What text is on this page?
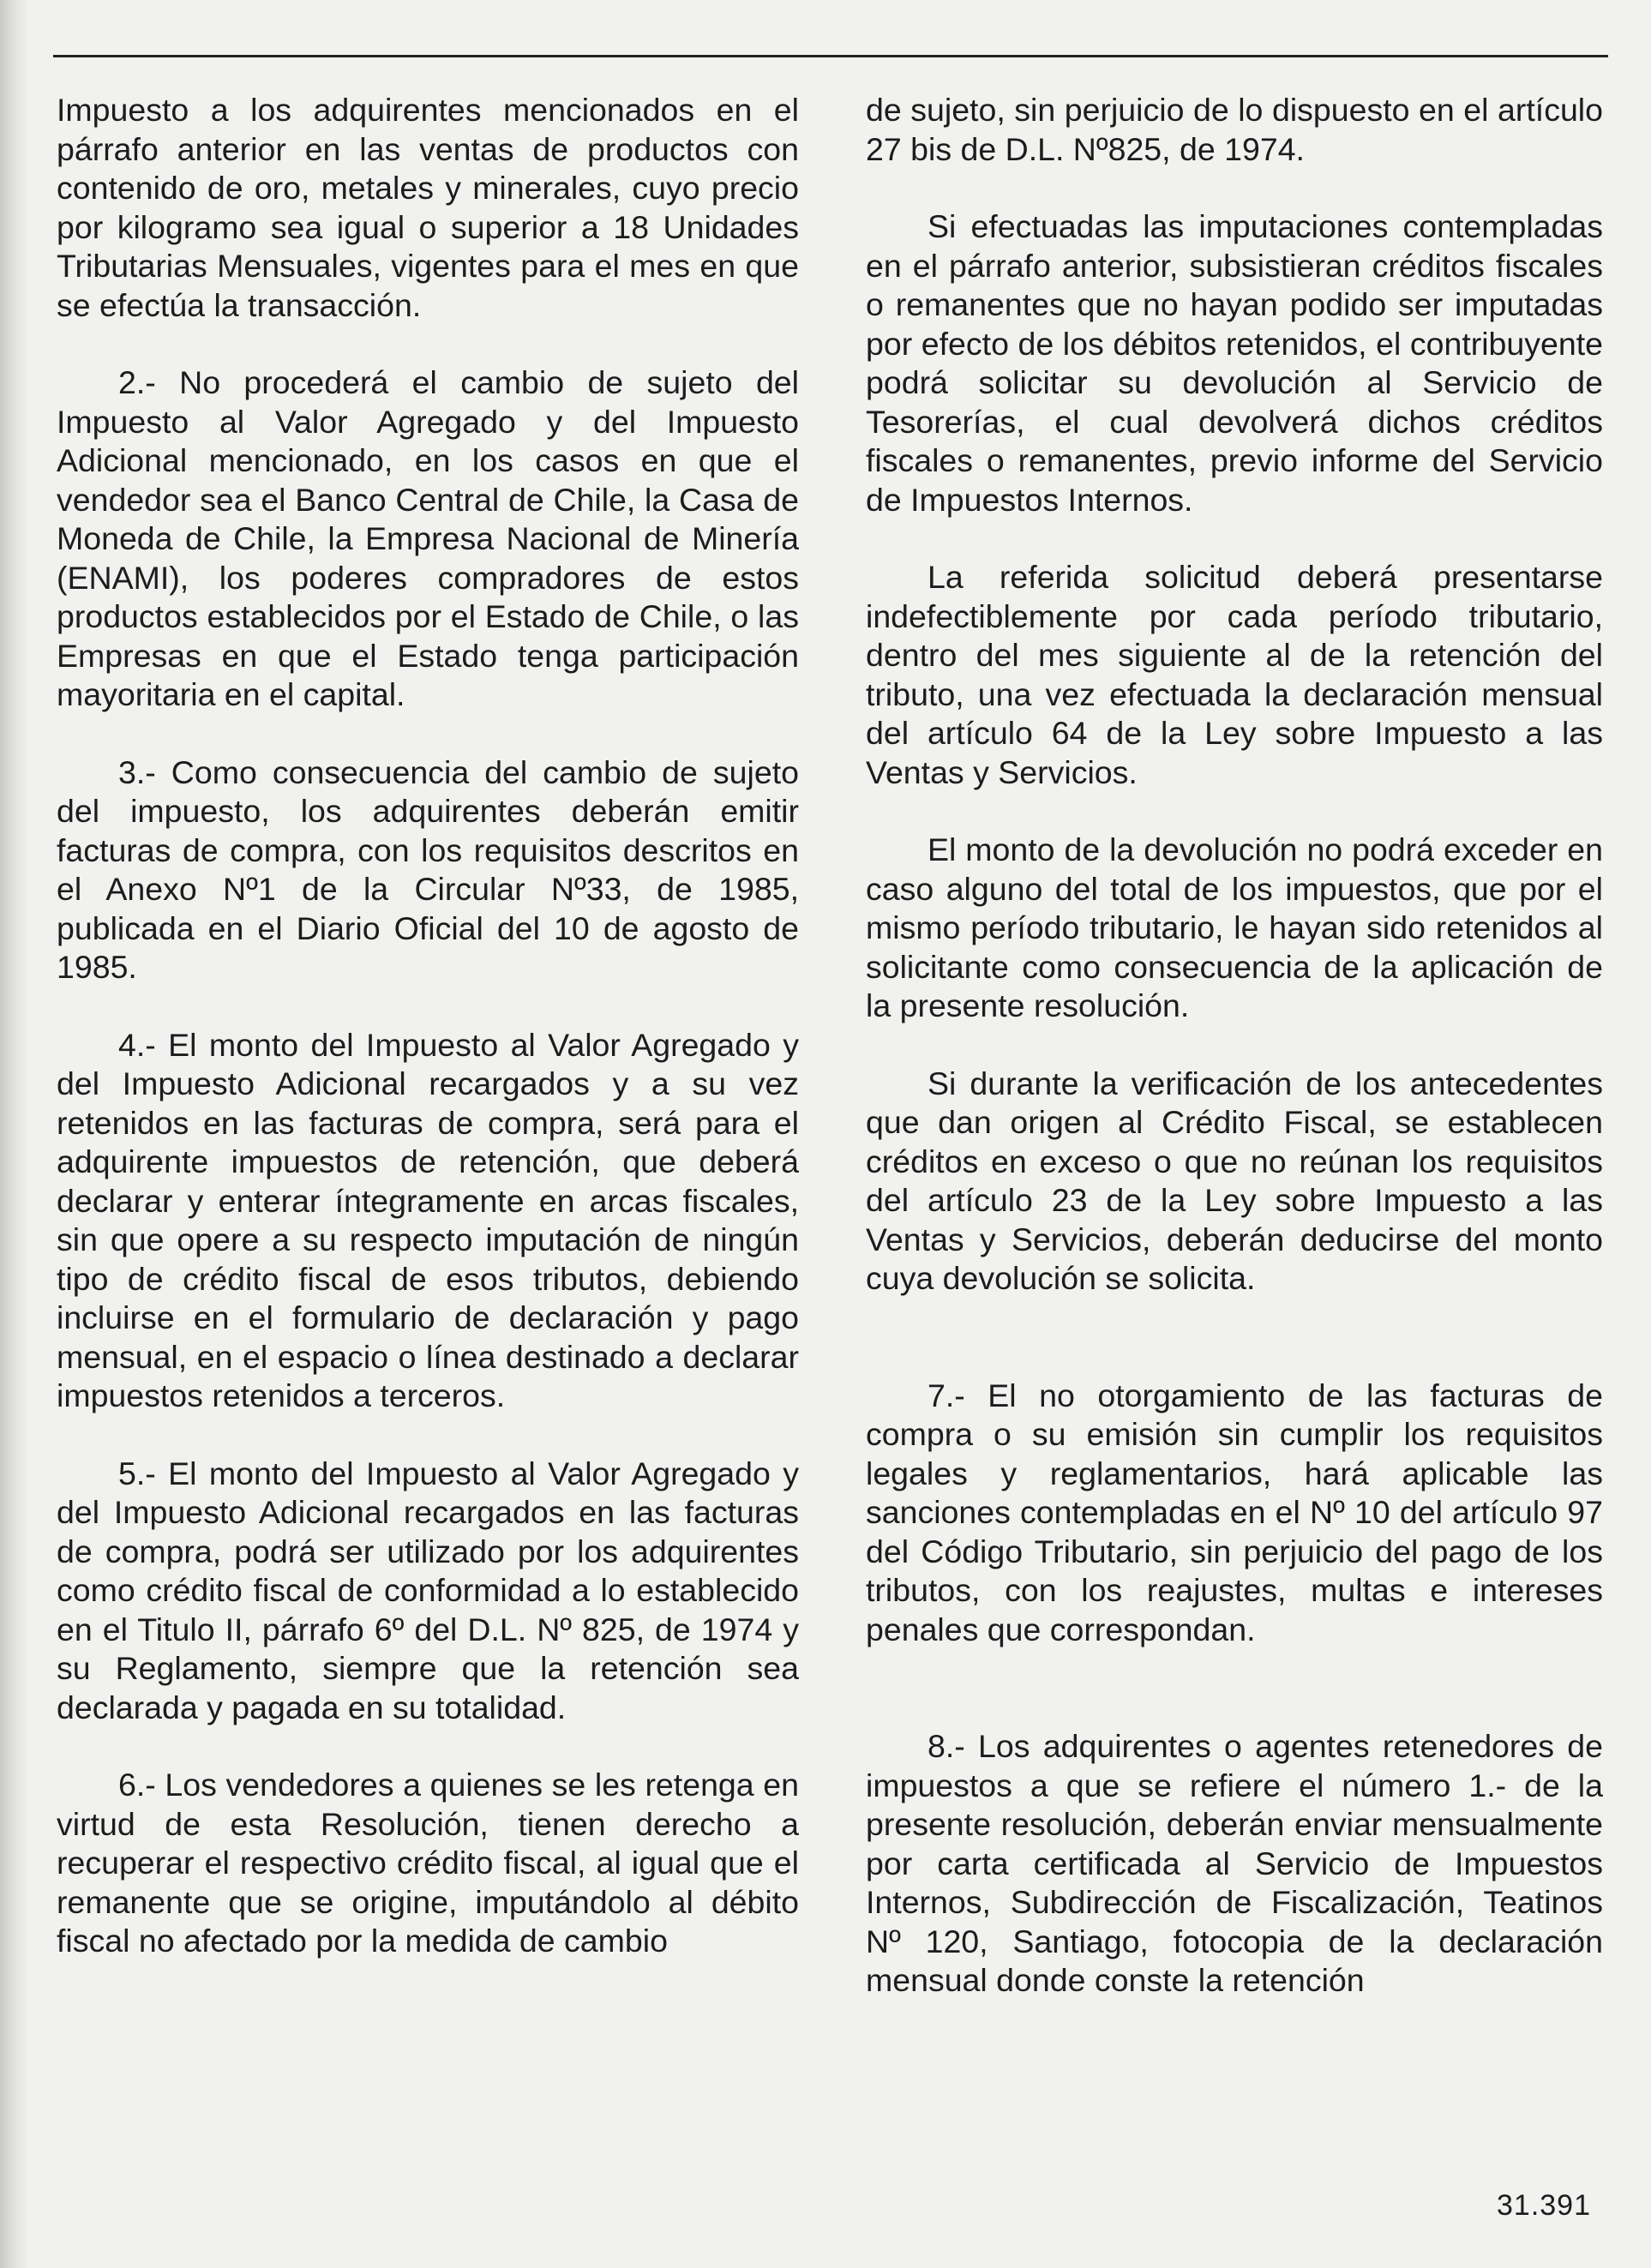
Impuesto a los adquirentes mencionados en el párrafo anterior en las ventas de productos con contenido de oro, metales y minerales, cuyo precio por kilogramo sea igual o superior a 18 Unidades Tributarias Mensuales, vigentes para el mes en que se efectúa la transacción.

2.- No procederá el cambio de sujeto del Impuesto al Valor Agregado y del Impuesto Adicional mencionado, en los casos en que el vendedor sea el Banco Central de Chile, la Casa de Moneda de Chile, la Empresa Nacional de Minería (ENAMI), los poderes compradores de estos productos establecidos por el Estado de Chile, o las Empresas en que el Estado tenga participación mayoritaria en el capital.

3.- Como consecuencia del cambio de sujeto del impuesto, los adquirentes deberán emitir facturas de compra, con los requisitos descritos en el Anexo Nº1 de la Circular Nº33, de 1985, publicada en el Diario Oficial del 10 de agosto de 1985.

4.- El monto del Impuesto al Valor Agregado y del Impuesto Adicional recargados y a su vez retenidos en las facturas de compra, será para el adquirente impuestos de retención, que deberá declarar y enterar íntegramente en arcas fiscales, sin que opere a su respecto imputación de ningún tipo de crédito fiscal de esos tributos, debiendo incluirse en el formulario de declaración y pago mensual, en el espacio o línea destinado a declarar impuestos retenidos a terceros.

5.- El monto del Impuesto al Valor Agregado y del Impuesto Adicional recargados en las facturas de compra, podrá ser utilizado por los adquirentes como crédito fiscal de conformidad a lo establecido en el Titulo II, párrafo 6º del D.L. Nº 825, de 1974 y su Reglamento, siempre que la retención sea declarada y pagada en su totalidad.

6.- Los vendedores a quienes se les retenga en virtud de esta Resolución, tienen derecho a recuperar el respectivo crédito fiscal, al igual que el remanente que se origine, imputándolo al débito fiscal no afectado por la medida de cambio

de sujeto, sin perjuicio de lo dispuesto en el artículo 27 bis de D.L. Nº825, de 1974.

Si efectuadas las imputaciones contempladas en el párrafo anterior, subsistieran créditos fiscales o remanentes que no hayan podido ser imputadas por efecto de los débitos retenidos, el contribuyente podrá solicitar su devolución al Servicio de Tesorerías, el cual devolverá dichos créditos fiscales o remanentes, previo informe del Servicio de Impuestos Internos.

La referida solicitud deberá presentarse indefectiblemente por cada período tributario, dentro del mes siguiente al de la retención del tributo, una vez efectuada la declaración mensual del artículo 64 de la Ley sobre Impuesto a las Ventas y Servicios.

El monto de la devolución no podrá exceder en caso alguno del total de los impuestos, que por el mismo período tributario, le hayan sido retenidos al solicitante como consecuencia de la aplicación de la presente resolución.

Si durante la verificación de los antecedentes que dan origen al Crédito Fiscal, se establecen créditos en exceso o que no reúnan los requisitos del artículo 23 de la Ley sobre Impuesto a las Ventas y Servicios, deberán deducirse del monto cuya devolución se solicita.

7.- El no otorgamiento de las facturas de compra o su emisión sin cumplir los requisitos legales y reglamentarios, hará aplicable las sanciones contempladas en el Nº 10 del artículo 97 del Código Tributario, sin perjuicio del pago de los tributos, con los reajustes, multas e intereses penales que correspondan.

8.- Los adquirentes o agentes retenedores de impuestos a que se refiere el número 1.- de la presente resolución, deberán enviar mensualmente por carta certificada al Servicio de Impuestos Internos, Subdirección de Fiscalización, Teatinos Nº 120, Santiago, fotocopia de la declaración mensual donde conste la retención

31.391
